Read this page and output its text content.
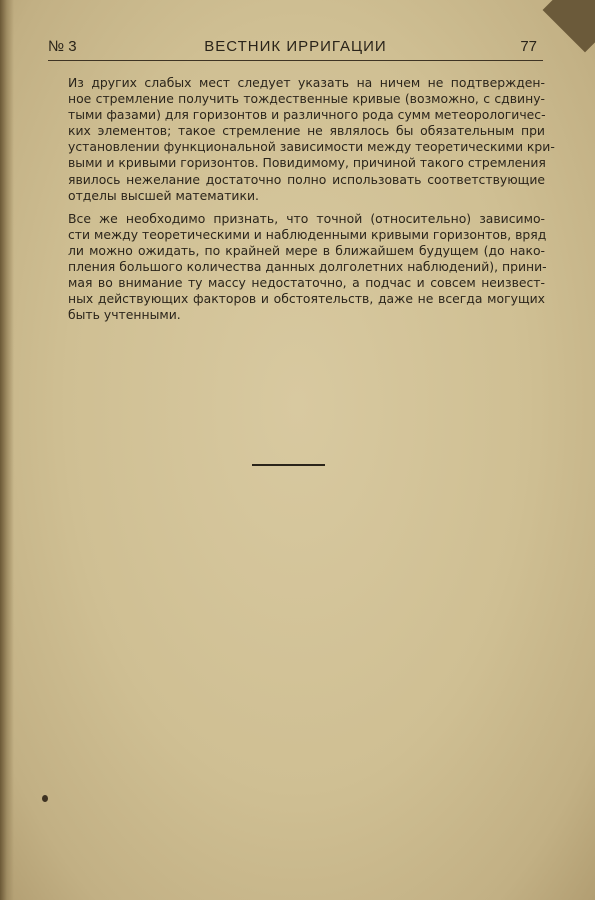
№ 3	ВЕСТНИК ИРРИГАЦИИ	77
Из других слабых мест следует указать на ничем не подтвержден-
ное стремление получить тождественные кривые (возможно, с сдвину-
тыми фазами) для горизонтов и различного рода сумм метеорологичес-
ких элементов; такое стремление не являлось бы обязательным при
установлении функциональной зависимости между теоретическими кри-
выми и кривыми горизонтов. Повидимому, причиной такого стремления
явилось нежелание достаточно полно использовать соответствующие
отделы высшей математики.
Все же необходимо признать, что точной (относительно) зависимо-
сти между теоретическими и наблюденными кривыми горизонтов, вряд
ли можно ожидать, по крайней мере в ближайшем будущем (до нако-
пления большого количества данных долголетних наблюдений), прини-
мая во внимание ту массу недостаточно, а подчас и совсем неизвест-
ных действующих факторов и обстоятельств, даже не всегда могущих
быть учтенными.
